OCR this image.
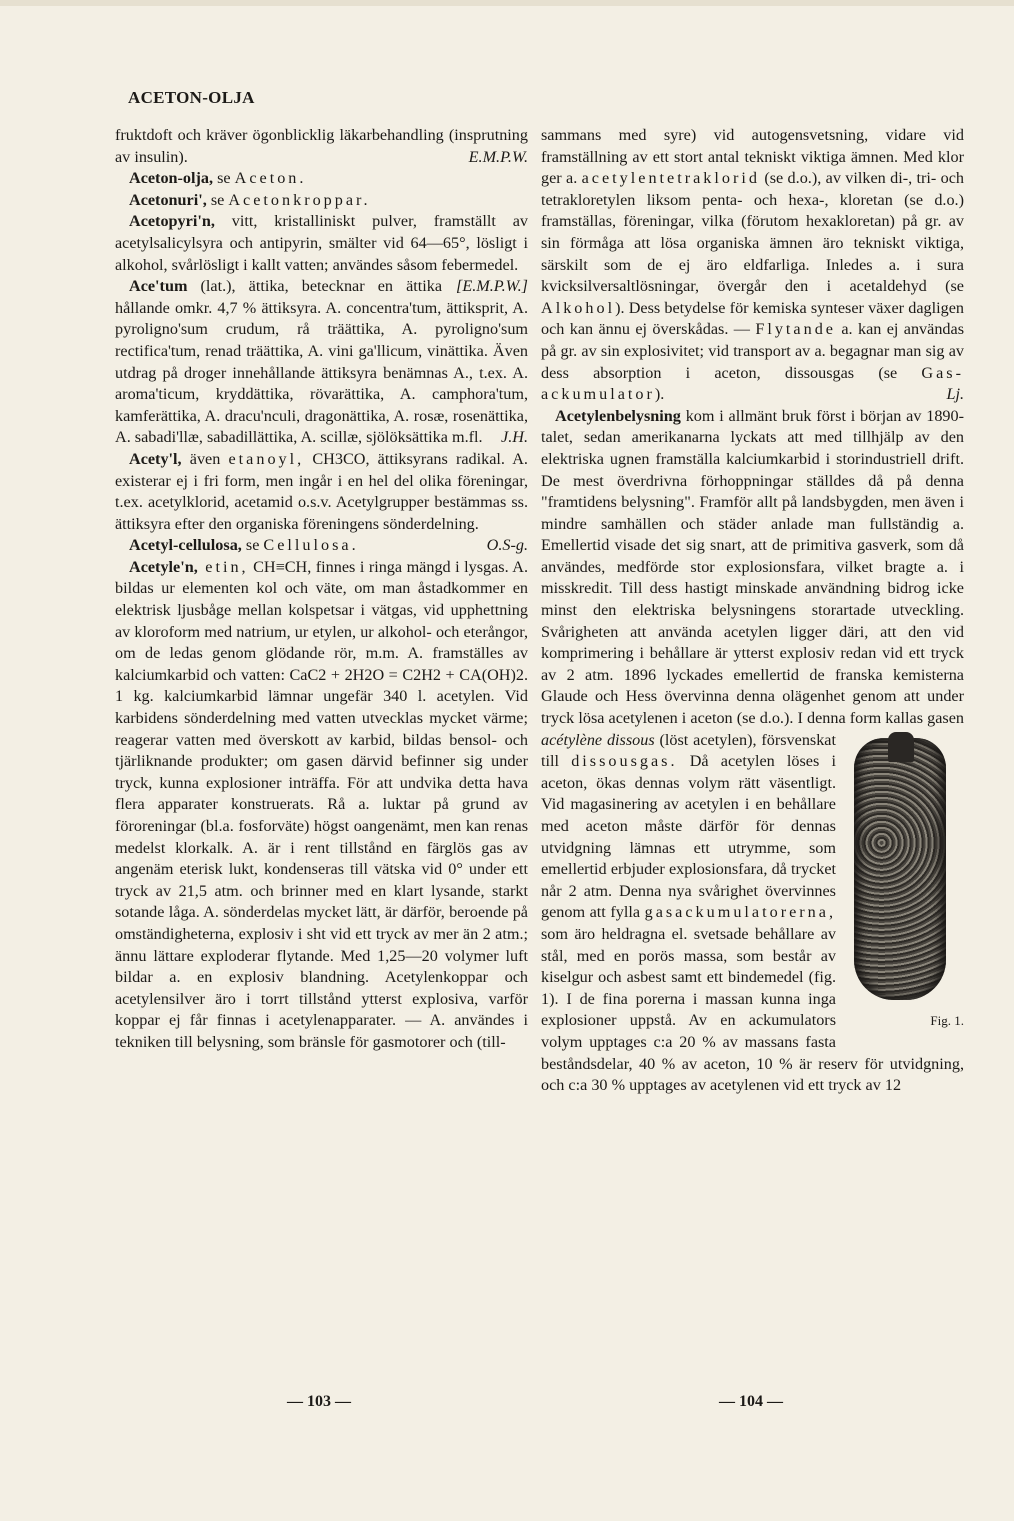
ACETON-OLJA

fruktdoft och kräver ögonblicklig läkarbehandling (insprutning av insulin).	E.M.P.W.

Aceton-olja, se Aceton.

Acetonuri', se Acetonkroppar.

Acetopyri'n, vitt, kristalliniskt pulver, framställt av acetylsalicylsyra och antipyrin, smälter vid 64—65°, lösligt i alkohol, svårlösligt i kallt vatten; användes såsom febermedel.
[E.M.P.W.]

Ace'tum (lat.), ättika, betecknar en ättika hållande omkr. 4,7 % ättiksyra. A. concentra'tum, ättiksprit, A. pyroligno'sum crudum, rå träättika, A. pyroligno'sum rectifica'tum, renad träättika, A. vini ga'llicum, vinättika. Även utdrag på droger innehållande ättiksyra benämnas A., t.ex. A. aroma'ticum, kryddättika, rövarättika, A. camphora'tum, kamferättika, A. dracu'nculi, dragonättika, A. rosæ, rosenättika, A. sabadi'llæ, sabadillättika, A. scillæ, sjölöksättika m.fl.	J.H.

Acety'l, även etanoyl, CH3CO, ättiksyrans radikal. A. existerar ej i fri form, men ingår i en hel del olika föreningar, t.ex. acetylklorid, acetamid o.s.v. Acetylgrupper bestämmas ss. ättiksyra efter den organiska föreningens sönderdelning.
O.S-g.

Acetyl-cellulosa, se Cellulosa.

Acetyle'n, etin, CH≡CH, finnes i ringa mängd i lysgas. A. bildas ur elementen kol och väte, om man åstadkommer en elektrisk ljusbåge mellan kolspetsar i vätgas, vid upphettning av kloroform med natrium, ur etylen, ur alkohol- och eterångor, om de ledas genom glödande rör, m.m. A. framställes av kalciumkarbid och vatten: CaC2 + 2H2O = C2H2 + CA(OH)2. 1 kg. kalciumkarbid lämnar ungefär 340 l. acetylen. Vid karbidens sönderdelning med vatten utvecklas mycket värme; reagerar vatten med överskott av karbid, bildas bensol- och tjärliknande produkter; om gasen därvid befinner sig under tryck, kunna explosioner inträffa. För att undvika detta hava flera apparater konstruerats. Rå a. luktar på grund av föroreningar (bl.a. fosforväte) högst oangenämt, men kan renas medelst klorkalk. A. är i rent tillstånd en färglös gas av angenäm eterisk lukt, kondenseras till vätska vid 0° under ett tryck av 21,5 atm. och brinner med en klart lysande, starkt sotande låga. A. sönderdelas mycket lätt, är därför, beroende på omständigheterna, explosiv i sht vid ett tryck av mer än 2 atm.; ännu lättare exploderar flytande. Med 1,25—20 volymer luft bildar a. en explosiv blandning. Acetylenkoppar och acetylensilver äro i torrt tillstånd ytterst explosiva, varför koppar ej får finnas i acetylenapparater. — A. användes i tekniken till belysning, som bränsle för gasmotorer och (till-

sammans med syre) vid autogensvetsning, vidare vid framställning av ett stort antal tekniskt viktiga ämnen. Med klor ger a. acetylentetraklorid (se d.o.), av vilken di-, tri- och tetrakloretylen liksom penta- och hexa-, kloretan (se d.o.) framställas, föreningar, vilka (förutom hexakloretan) på gr. av sin förmåga att lösa organiska ämnen äro tekniskt viktiga, särskilt som de ej äro eldfarliga. Inledes a. i sura kvicksilversaltlösningar, övergår den i acetaldehyd (se Alkohol). Dess betydelse för kemiska synteser växer dagligen och kan ännu ej överskådas. — Flytande a. kan ej användas på gr. av sin explosivitet; vid transport av a. begagnar man sig av dess absorption i aceton, dissousgas (se Gas-ackumulator).	Lj.

Acetylenbelysning kom i allmänt bruk först i början av 1890-talet, sedan amerikanarna lyckats att med tillhjälp av den elektriska ugnen framställa kalciumkarbid i storindustriell drift. De mest överdrivna förhoppningar ställdes då på denna "framtidens belysning". Framför allt på landsbygden, men även i mindre samhällen och städer anlade man fullständig a. Emellertid visade det sig snart, att de primitiva gasverk, som då användes, medförde stor explosionsfara, vilket bragte a. i misskredit. Till dess hastigt minskade användning bidrog icke minst den elektriska belysningens storartade utveckling. Svårigheten att använda acetylen ligger däri, att den vid komprimering i behållare är ytterst explosiv redan vid ett tryck av 2 atm. 1896 lyckades emellertid de franska kemisterna Glaude och Hess övervinna denna olägenhet genom att under tryck lösa acetylenen i aceton (se d.o.). I denna form kallas gasen
Fig. 1.
acétylène dissous (löst acetylen), försvenskat till dissousgas. Då acetylen löses i aceton, ökas dennas volym rätt väsentligt. Vid magasinering av acetylen i en behållare med aceton måste därför för dennas utvidgning lämnas ett utrymme, som emellertid erbjuder explosionsfara, då trycket når 2 atm. Denna nya svårighet övervinnes genom att fylla gasackumulatorerna, som äro heldragna el. svetsade behållare av stål, med en porös massa, som består av kiselgur och asbest samt ett bindemedel (fig. 1). I de fina porerna i massan kunna inga explosioner uppstå. Av en ackumulators volym upptages c:a 20 % av massans fasta beståndsdelar, 40 % av aceton, 10 % är reserv för utvidgning, och c:a 30 % upptages av acetylenen vid ett tryck av 12

— 103 —	— 104 —
